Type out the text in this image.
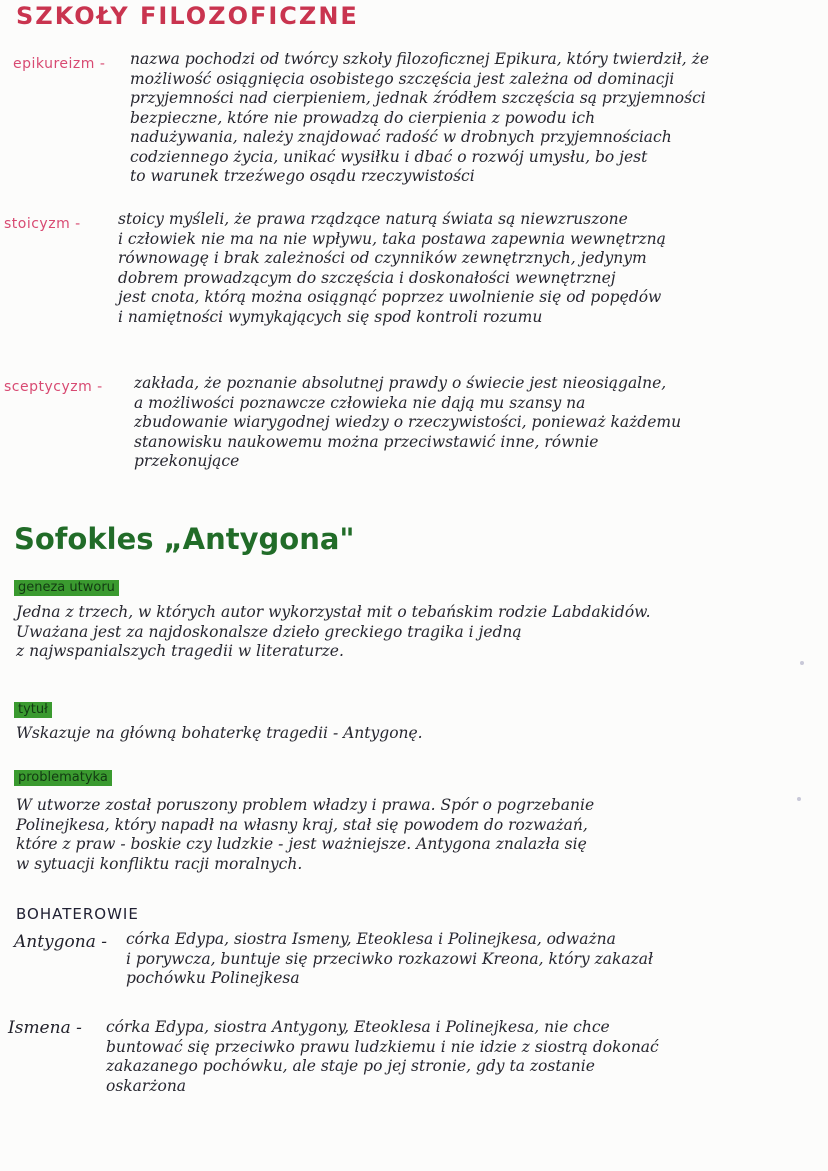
SZKOŁY FILOZOFICZNE
epikureizm - nazwa pochodzi od twórcy szkoły filozoficznej Epikura, który twierdził, że

możliwość osiągnięcia osobistego szczęścia jest zależna od dominacji

przyjemności nad cierpieniem, jednak źródłem szczęścia są przyjemności

bezpieczne, które nie prowadzą do cierpienia z powodu ich

nadużywania, należy znajdować radość w drobnych przyjemnościach

codziennego życia, unikać wysiłku i dbać o rozwój umysłu, bo jest

to warunek trzeźwego osądu rzeczywistości

stoicyzm - stoicy myśleli, że prawa rządzące naturą świata są niewzruszone

i człowiek nie ma na nie wpływu, taka postawa zapewnia wewnętrzną

równowagę i brak zależności od czynników zewnętrznych, jedynym

dobrem prowadzącym do szczęścia i doskonałości wewnętrznej

jest cnota, którą można osiągnąć poprzez uwolnienie się od popędów

i namiętności wymykających się spod kontroli rozumu

sceptycyzm - zakłada, że poznanie absolutnej prawdy o świecie jest nieosiągalne,

a możliwości poznawcze człowieka nie dają mu szansy na

zbudowanie wiarygodnej wiedzy o rzeczywistości, ponieważ każdemu

stanowisku naukowemu można przeciwstawić inne, równie

przekonujące

Sofokles „Antygona"
geneza utworu

Jedna z trzech, w których autor wykorzystał mit o tebańskim rodzie Labdakidów.

Uważana jest za najdoskonalsze dzieło greckiego tragika i jedną

z najwspanialszych tragedii w literaturze.

tytuł

Wskazuje na główną bohaterkę tragedii - Antygonę.

problematyka

W utworze został poruszony problem władzy i prawa. Spór o pogrzebanie

Polinejkesa, który napadł na własny kraj, stał się powodem do rozważań,

które z praw - boskie czy ludzkie - jest ważniejsze. Antygona znalazła się

w sytuacji konfliktu racji moralnych.

BOHATEROWIE
Antygona - córka Edypa, siostra Ismeny, Eteoklesa i Polinejkesa, odważna

i porywcza, buntuje się przeciwko rozkazowi Kreona, który zakazał

pochówku Polinejkesa

Ismena - córka Edypa, siostra Antygony, Eteoklesa i Polinejkesa, nie chce

buntować się przeciwko prawu ludzkiemu i nie idzie z siostrą dokonać

zakazanego pochówku, ale staje po jej stronie, gdy ta zostanie

oskarżona
